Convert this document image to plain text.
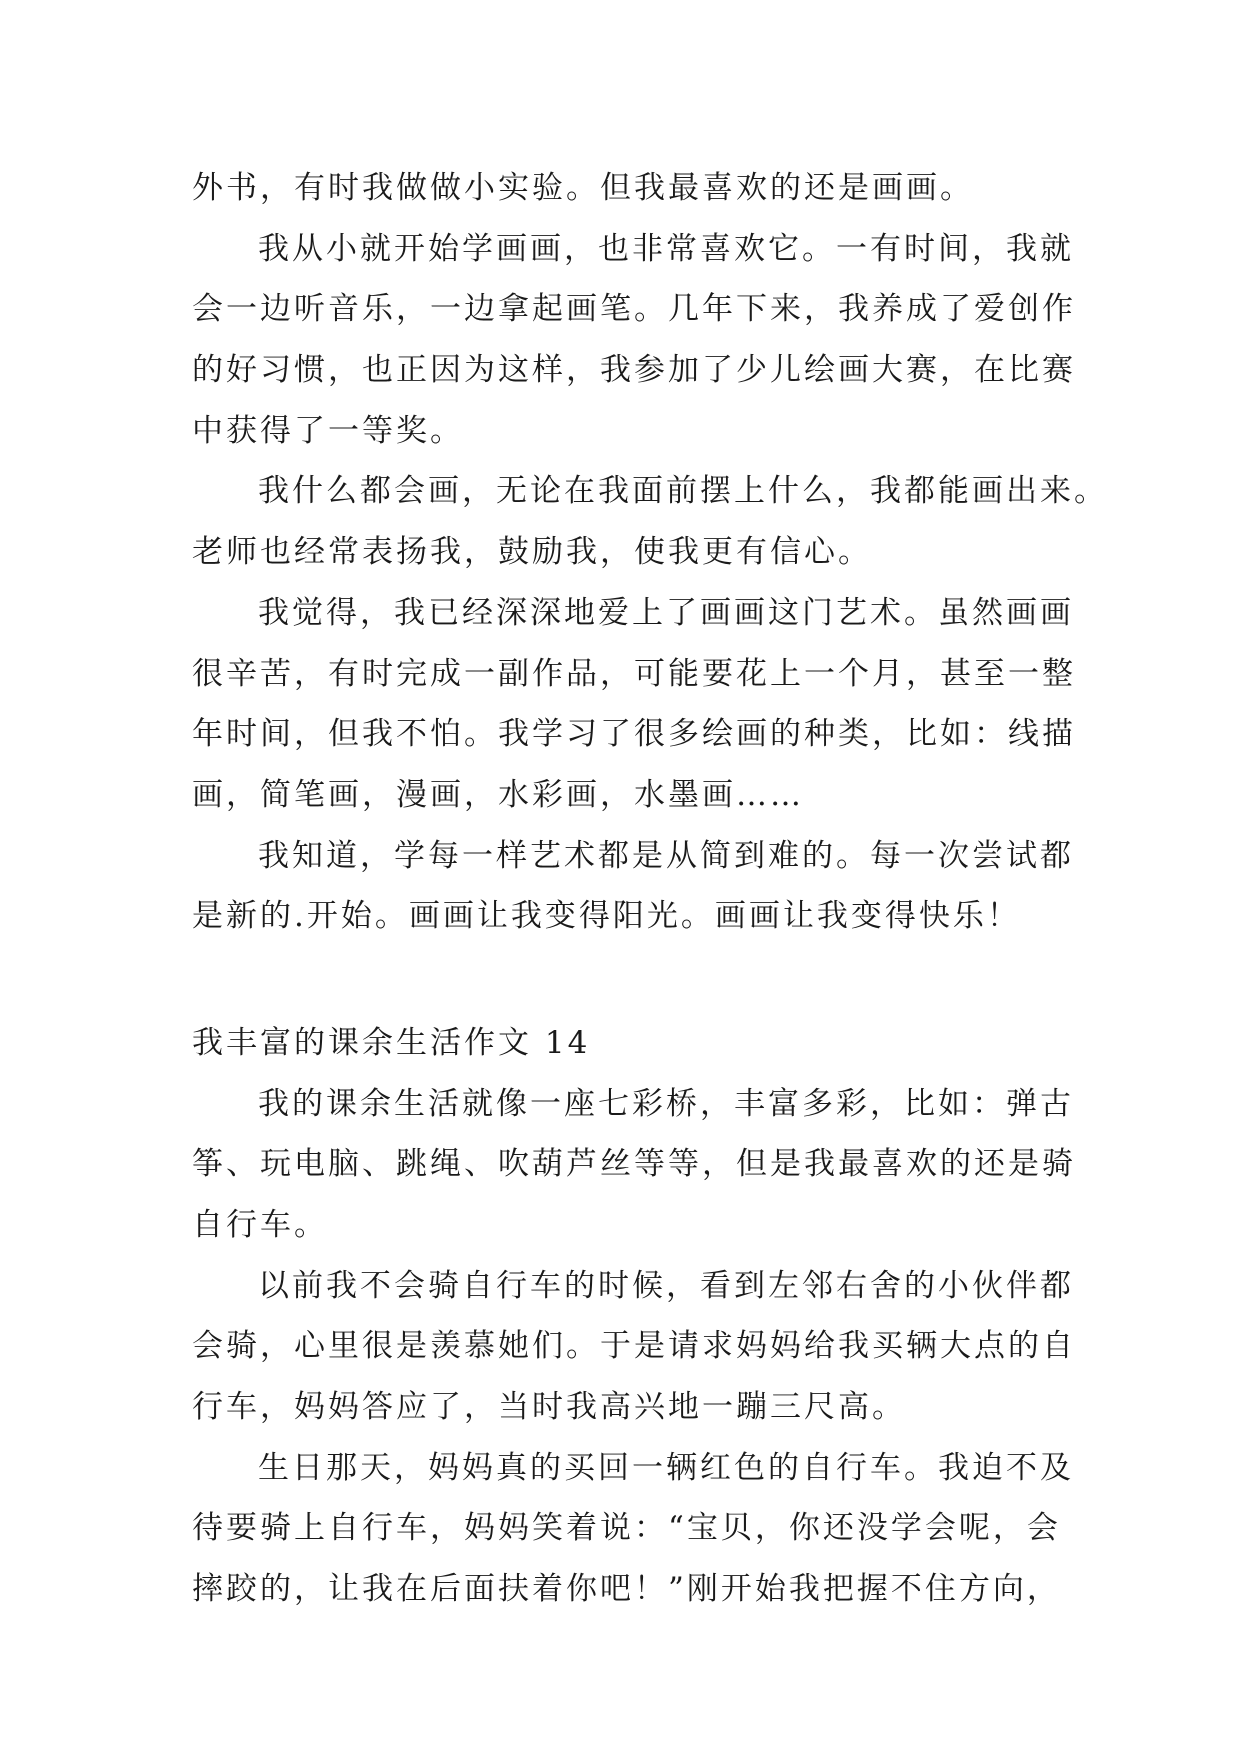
外书，有时我做做小实验。但我最喜欢的还是画画。
我从小就开始学画画，也非常喜欢它。一有时间，我就
会一边听音乐，一边拿起画笔。几年下来，我养成了爱创作
的好习惯，也正因为这样，我参加了少儿绘画大赛，在比赛
中获得了一等奖。
我什么都会画，无论在我面前摆上什么，我都能画出来。
老师也经常表扬我，鼓励我，使我更有信心。
我觉得，我已经深深地爱上了画画这门艺术。虽然画画
很辛苦，有时完成一副作品，可能要花上一个月，甚至一整
年时间，但我不怕。我学习了很多绘画的种类，比如：线描
画，简笔画，漫画，水彩画，水墨画……
我知道，学每一样艺术都是从简到难的。每一次尝试都
是新的.开始。画画让我变得阳光。画画让我变得快乐！
我丰富的课余生活作文 14
我的课余生活就像一座七彩桥，丰富多彩，比如：弹古
筝、玩电脑、跳绳、吹葫芦丝等等，但是我最喜欢的还是骑
自行车。
以前我不会骑自行车的时候，看到左邻右舍的小伙伴都
会骑，心里很是羡慕她们。于是请求妈妈给我买辆大点的自
行车，妈妈答应了，当时我高兴地一蹦三尺高。
生日那天，妈妈真的买回一辆红色的自行车。我迫不及
待要骑上自行车，妈妈笑着说：“宝贝，你还没学会呢，会
摔跤的，让我在后面扶着你吧！”刚开始我把握不住方向，
